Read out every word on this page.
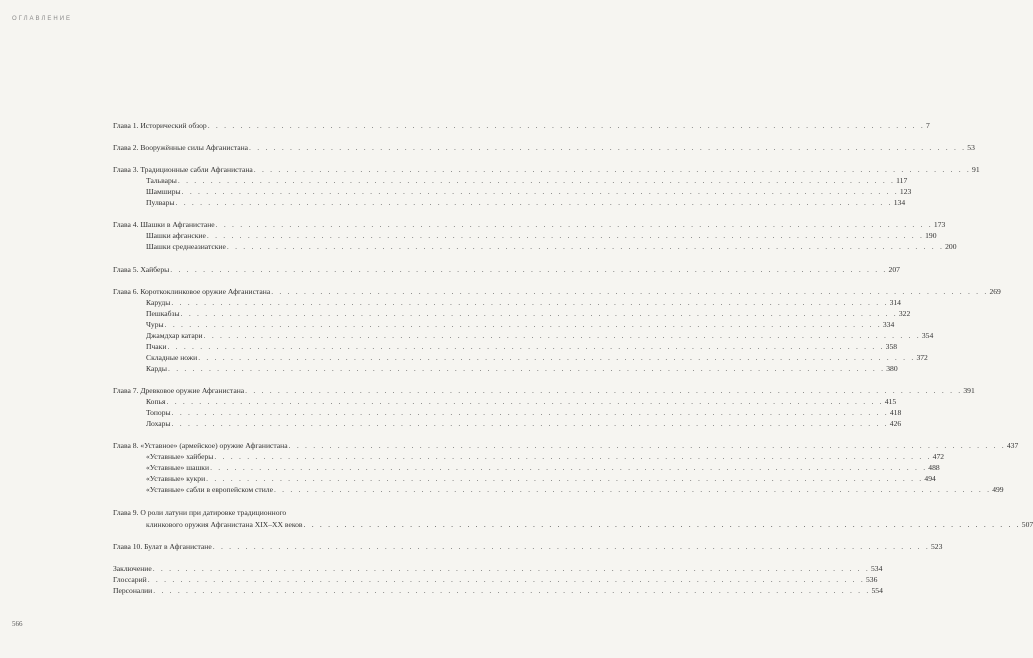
ОГЛАВЛЕНИЕ
Глава 1. Исторический обзор . . . . . . . . . . . . . . . . . . . . . . . . . . . . . . . . . . . . . . . . . . . . . . . . . . . . . . . . . . . . . . . . . . . . . . . . . . . . . . . . . . . . . . . . 7
Глава 2. Вооружённые силы Афганистана . . . . . . . . . . . . . . . . . . . . . . . . . . . . . . . . . . . . . . . . . . . . . . . . . . . . . . . . . . . . . . . . . . . . . . . . . . . . . . . . . . . . . . . . 53
Глава 3. Традиционные сабли Афганистана . . . . . . . . . . . . . . . . . . . . . . . . . . . . . . . . . . . . . . . . . . . . . . . . . . . . . . . . . . . . . . . . . . . . . . . . . . . . . . . . . . . . . . . . 91
Тальвары . . . . . . . . . . . . . . . . . . . . . . . . . . . . . . . . . . . . . . . . . . . . . . . . . . . . . . . . . . . . . . . . . . . . . . . . . . . . . . . . . . . . . . . . 117
Шамширы . . . . . . . . . . . . . . . . . . . . . . . . . . . . . . . . . . . . . . . . . . . . . . . . . . . . . . . . . . . . . . . . . . . . . . . . . . . . . . . . . . . . . . . . 123
Пулвары . . . . . . . . . . . . . . . . . . . . . . . . . . . . . . . . . . . . . . . . . . . . . . . . . . . . . . . . . . . . . . . . . . . . . . . . . . . . . . . . . . . . . . . . 134
Глава 4. Шашки в Афганистане . . . . . . . . . . . . . . . . . . . . . . . . . . . . . . . . . . . . . . . . . . . . . . . . . . . . . . . . . . . . . . . . . . . . . . . . . . . . . . . . . . . . . . . . 173
Шашки афганские . . . . . . . . . . . . . . . . . . . . . . . . . . . . . . . . . . . . . . . . . . . . . . . . . . . . . . . . . . . . . . . . . . . . . . . . . . . . . . . . . . . . . . . . 190
Шашки среднеазиатские . . . . . . . . . . . . . . . . . . . . . . . . . . . . . . . . . . . . . . . . . . . . . . . . . . . . . . . . . . . . . . . . . . . . . . . . . . . . . . . . . . . . . . . . 200
Глава 5. Хайберы . . . . . . . . . . . . . . . . . . . . . . . . . . . . . . . . . . . . . . . . . . . . . . . . . . . . . . . . . . . . . . . . . . . . . . . . . . . . . . . . . . . . . . . . 207
Глава 6. Короткоклинковое оружие Афганистана . . . . . . . . . . . . . . . . . . . . . . . . . . . . . . . . . . . . . . . . . . . . . . . . . . . . . . . . . . . . . . . . . . . . . . . . . . . . . . . . . . . . . . . . 269
Каруды . . . . . . . . . . . . . . . . . . . . . . . . . . . . . . . . . . . . . . . . . . . . . . . . . . . . . . . . . . . . . . . . . . . . . . . . . . . . . . . . . . . . . . . . 314
Пешкабзы . . . . . . . . . . . . . . . . . . . . . . . . . . . . . . . . . . . . . . . . . . . . . . . . . . . . . . . . . . . . . . . . . . . . . . . . . . . . . . . . . . . . . . . . 322
Чуры . . . . . . . . . . . . . . . . . . . . . . . . . . . . . . . . . . . . . . . . . . . . . . . . . . . . . . . . . . . . . . . . . . . . . . . . . . . . . . . . . . . . . . . . 334
Джамдхар катари . . . . . . . . . . . . . . . . . . . . . . . . . . . . . . . . . . . . . . . . . . . . . . . . . . . . . . . . . . . . . . . . . . . . . . . . . . . . . . . . . . . . . . . . 354
Пчаки . . . . . . . . . . . . . . . . . . . . . . . . . . . . . . . . . . . . . . . . . . . . . . . . . . . . . . . . . . . . . . . . . . . . . . . . . . . . . . . . . . . . . . . . 358
Складные ножи . . . . . . . . . . . . . . . . . . . . . . . . . . . . . . . . . . . . . . . . . . . . . . . . . . . . . . . . . . . . . . . . . . . . . . . . . . . . . . . . . . . . . . . . 372
Карды . . . . . . . . . . . . . . . . . . . . . . . . . . . . . . . . . . . . . . . . . . . . . . . . . . . . . . . . . . . . . . . . . . . . . . . . . . . . . . . . . . . . . . . . 380
Глава 7. Древковое оружие Афганистана . . . . . . . . . . . . . . . . . . . . . . . . . . . . . . . . . . . . . . . . . . . . . . . . . . . . . . . . . . . . . . . . . . . . . . . . . . . . . . . . . . . . . . . . 391
Копья . . . . . . . . . . . . . . . . . . . . . . . . . . . . . . . . . . . . . . . . . . . . . . . . . . . . . . . . . . . . . . . . . . . . . . . . . . . . . . . . . . . . . . . . 415
Топоры . . . . . . . . . . . . . . . . . . . . . . . . . . . . . . . . . . . . . . . . . . . . . . . . . . . . . . . . . . . . . . . . . . . . . . . . . . . . . . . . . . . . . . . . 418
Лохары . . . . . . . . . . . . . . . . . . . . . . . . . . . . . . . . . . . . . . . . . . . . . . . . . . . . . . . . . . . . . . . . . . . . . . . . . . . . . . . . . . . . . . . . 426
Глава 8. «Уставное» (армейское) оружие Афганистана . . . . . . . . . . . . . . . . . . . . . . . . . . . . . . . . . . . . . . . . . . . . . . . . . . . . . . . . . . . . . . . . . . . . . . . . . . . . . . . . . . . . . . . . 437
«Уставные» хайберы . . . . . . . . . . . . . . . . . . . . . . . . . . . . . . . . . . . . . . . . . . . . . . . . . . . . . . . . . . . . . . . . . . . . . . . . . . . . . . . . . . . . . . . . 472
«Уставные» шашки . . . . . . . . . . . . . . . . . . . . . . . . . . . . . . . . . . . . . . . . . . . . . . . . . . . . . . . . . . . . . . . . . . . . . . . . . . . . . . . . . . . . . . . . 488
«Уставные» кукри . . . . . . . . . . . . . . . . . . . . . . . . . . . . . . . . . . . . . . . . . . . . . . . . . . . . . . . . . . . . . . . . . . . . . . . . . . . . . . . . . . . . . . . . 494
«Уставные» сабли в европейском стиле . . . . . . . . . . . . . . . . . . . . . . . . . . . . . . . . . . . . . . . . . . . . . . . . . . . . . . . . . . . . . . . . . . . . . . . . . . . . . . . . . . . . . . . . 499
Глава 9. О роли латуни при датировке традиционного
клинкового оружия Афганистана XIX–XX веков . . . . . . . . . . . . . . . . . . . . . . . . . . . . . . . . . . . . . . . . . . . . . . . . . . . . . . . . . . . . . . . . . . . . . . . . . . . . . . . . . . . . . . . . 507
Глава 10. Булат в Афганистане . . . . . . . . . . . . . . . . . . . . . . . . . . . . . . . . . . . . . . . . . . . . . . . . . . . . . . . . . . . . . . . . . . . . . . . . . . . . . . . . . . . . . . . . 523
Заключение . . . . . . . . . . . . . . . . . . . . . . . . . . . . . . . . . . . . . . . . . . . . . . . . . . . . . . . . . . . . . . . . . . . . . . . . . . . . . . . . . . . . . . . . 534
Глоссарий . . . . . . . . . . . . . . . . . . . . . . . . . . . . . . . . . . . . . . . . . . . . . . . . . . . . . . . . . . . . . . . . . . . . . . . . . . . . . . . . . . . . . . . . 536
Персоналии . . . . . . . . . . . . . . . . . . . . . . . . . . . . . . . . . . . . . . . . . . . . . . . . . . . . . . . . . . . . . . . . . . . . . . . . . . . . . . . . . . . . . . . . 554
566
